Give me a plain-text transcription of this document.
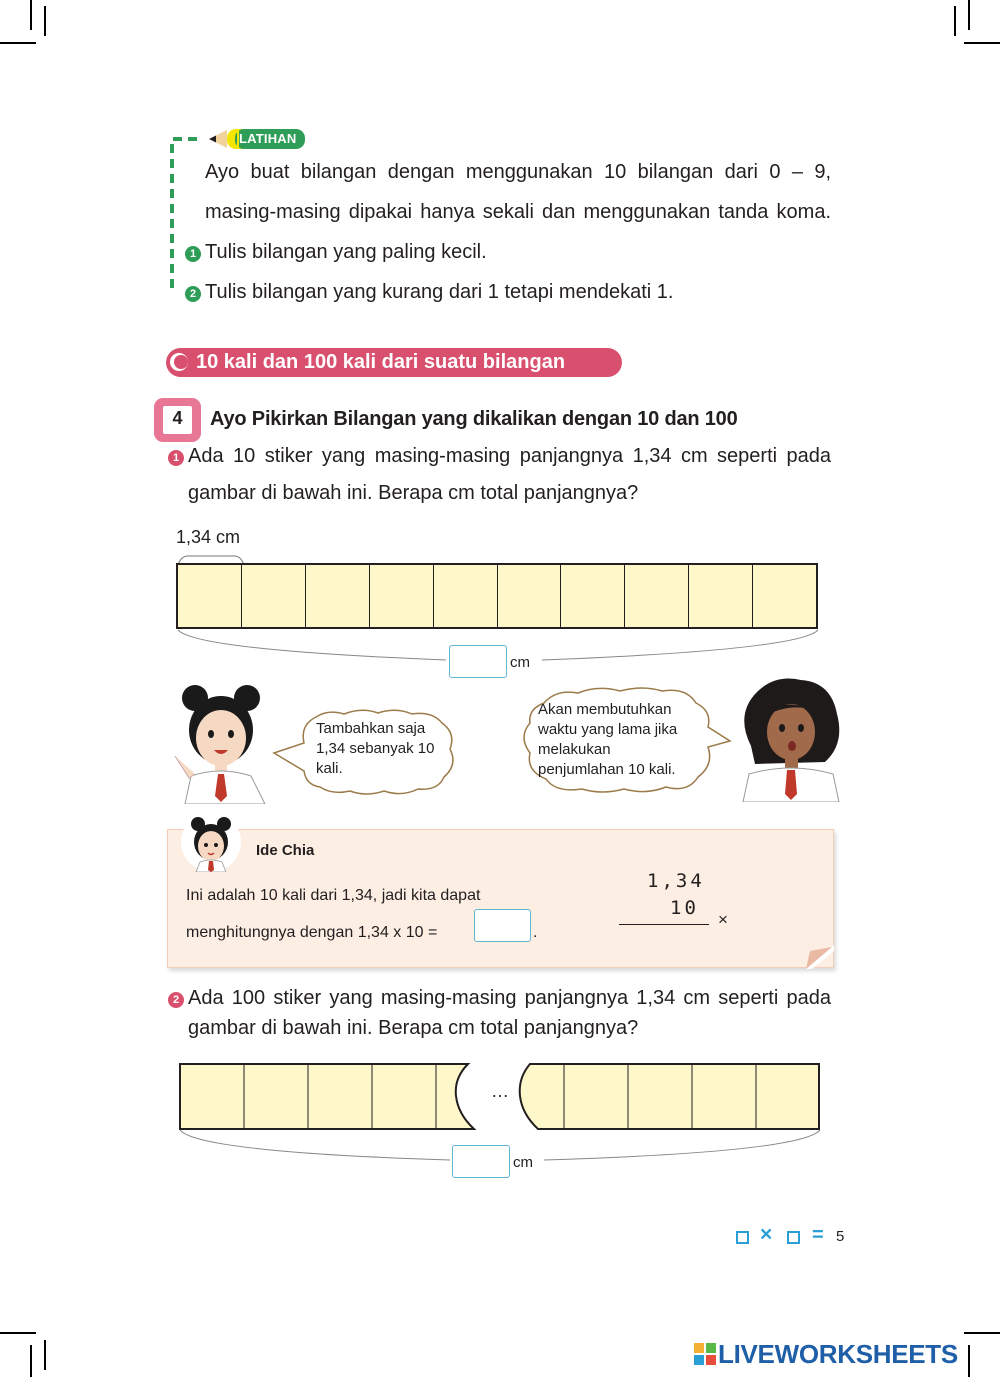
LATIHAN
Ayo buat bilangan dengan menggunakan 10 bilangan dari 0 – 9,
masing-masing dipakai hanya sekali dan menggunakan tanda koma.
1 Tulis bilangan yang paling kecil.
2 Tulis bilangan yang kurang dari 1 tetapi mendekati 1.
10 kali dan 100 kali dari suatu bilangan
4	Ayo Pikirkan Bilangan yang dikalikan dengan 10 dan 100
1 Ada 10 stiker yang masing-masing panjangnya 1,34 cm seperti pada
gambar di bawah ini. Berapa cm total panjangnya?
1,34 cm
cm
Tambahkan saja
1,34 sebanyak 10
kali.
Akan membutuhkan
waktu yang lama jika
melakukan
penjumlahan 10 kali.
Ide Chia
Ini adalah 10 kali dari 1,34, jadi kita dapat
menghitungnya dengan 1,34 x 10 =	.
1,34
10
×
2 Ada 100 stiker yang masing-masing panjangnya 1,34 cm seperti pada
gambar di bawah ini. Berapa cm total panjangnya?
…
cm
× = 5
LIVEWORKSHEETS
